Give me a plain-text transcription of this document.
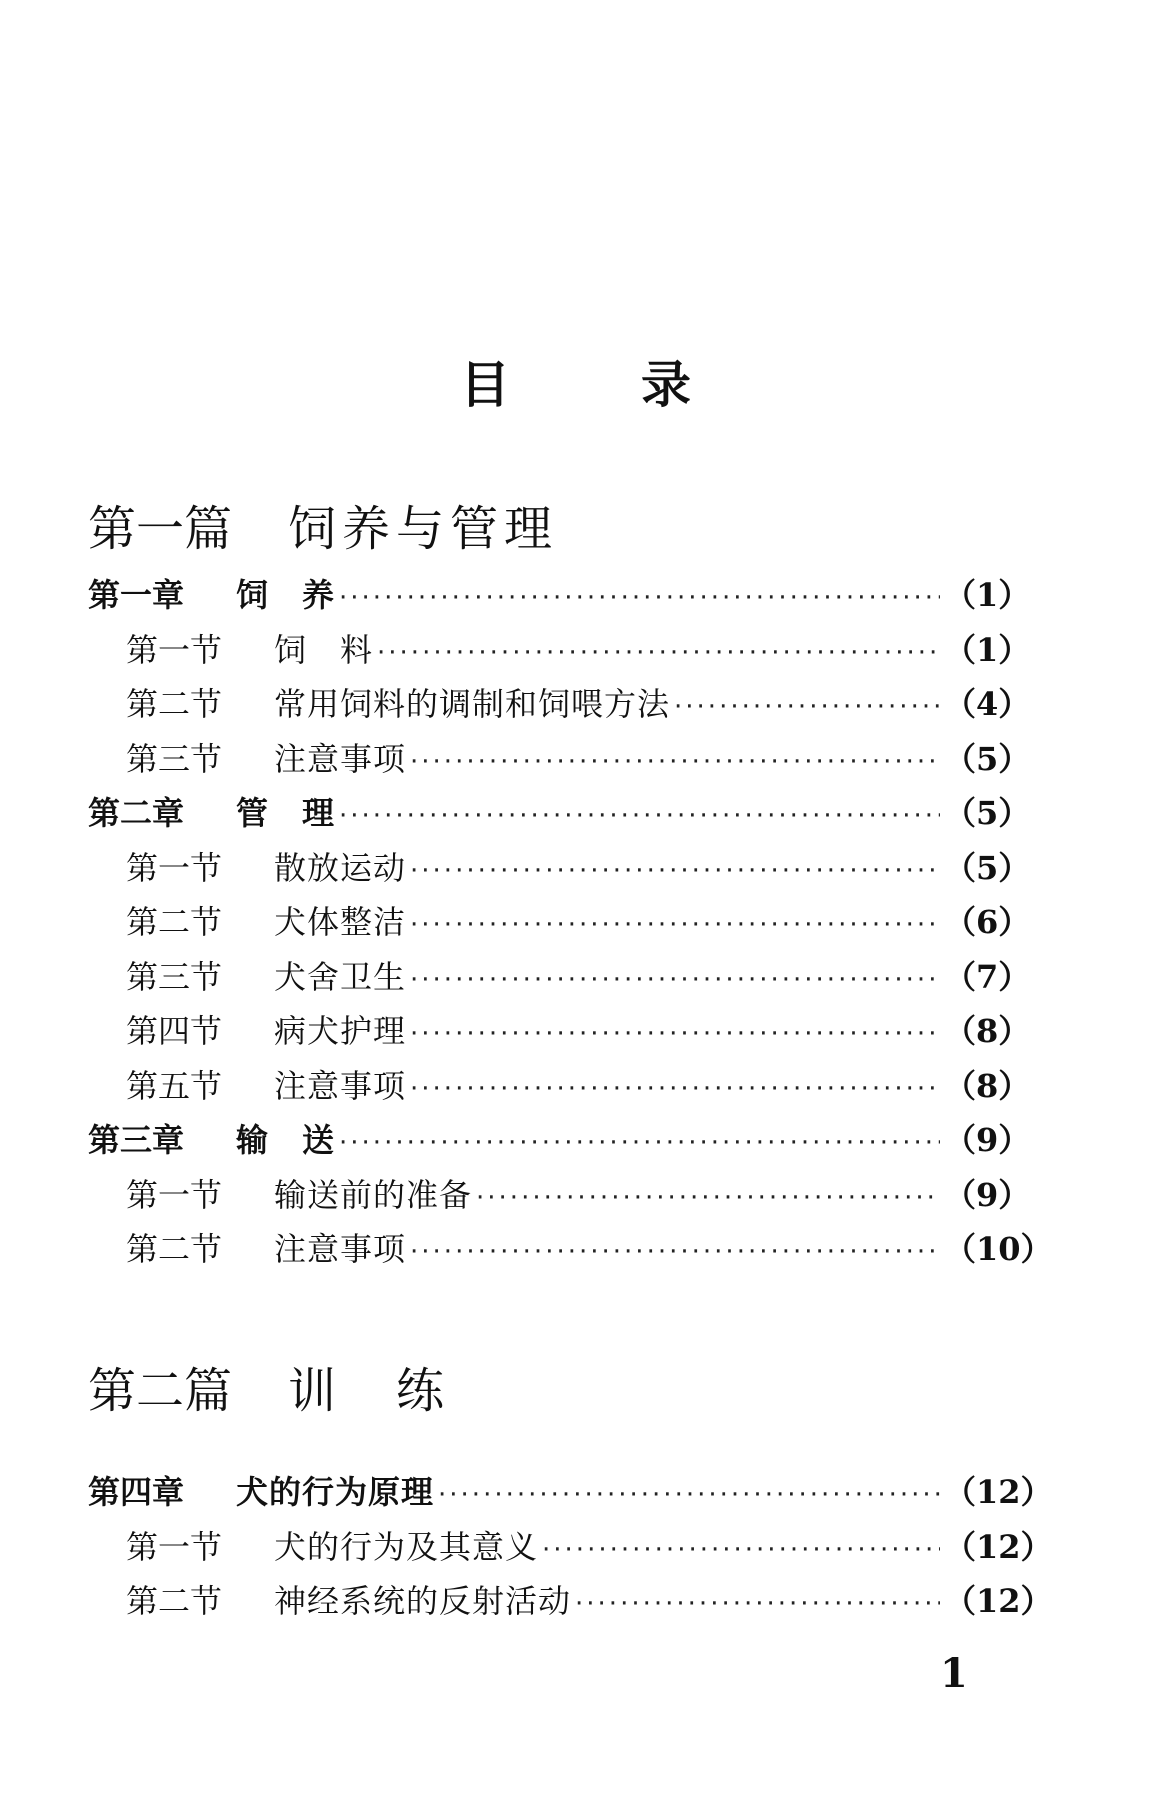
目	录
第一篇 饲养与管理
第一章	饲　养 ·····	（1）
第一节	饲　料 ·····	（1）
第二节	常用饲料的调制和饲喂方法 ·····	（4）
第三节	注意事项 ·····	（5）
第二章	管　理 ·····	（5）
第一节	散放运动 ·····	（5）
第二节	犬体整洁 ·····	（6）
第三节	犬舍卫生 ·····	（7）
第四节	病犬护理 ·····	（8）
第五节	注意事项 ·····	（8）
第三章	输　送 ·····	（9）
第一节	输送前的准备 ·····	（9）
第二节	注意事项 ·····	（10）
第二篇 训　练
第四章	犬的行为原理 ·····	（12）
第一节	犬的行为及其意义 ·····	（12）
第二节	神经系统的反射活动 ·····	（12）

1
